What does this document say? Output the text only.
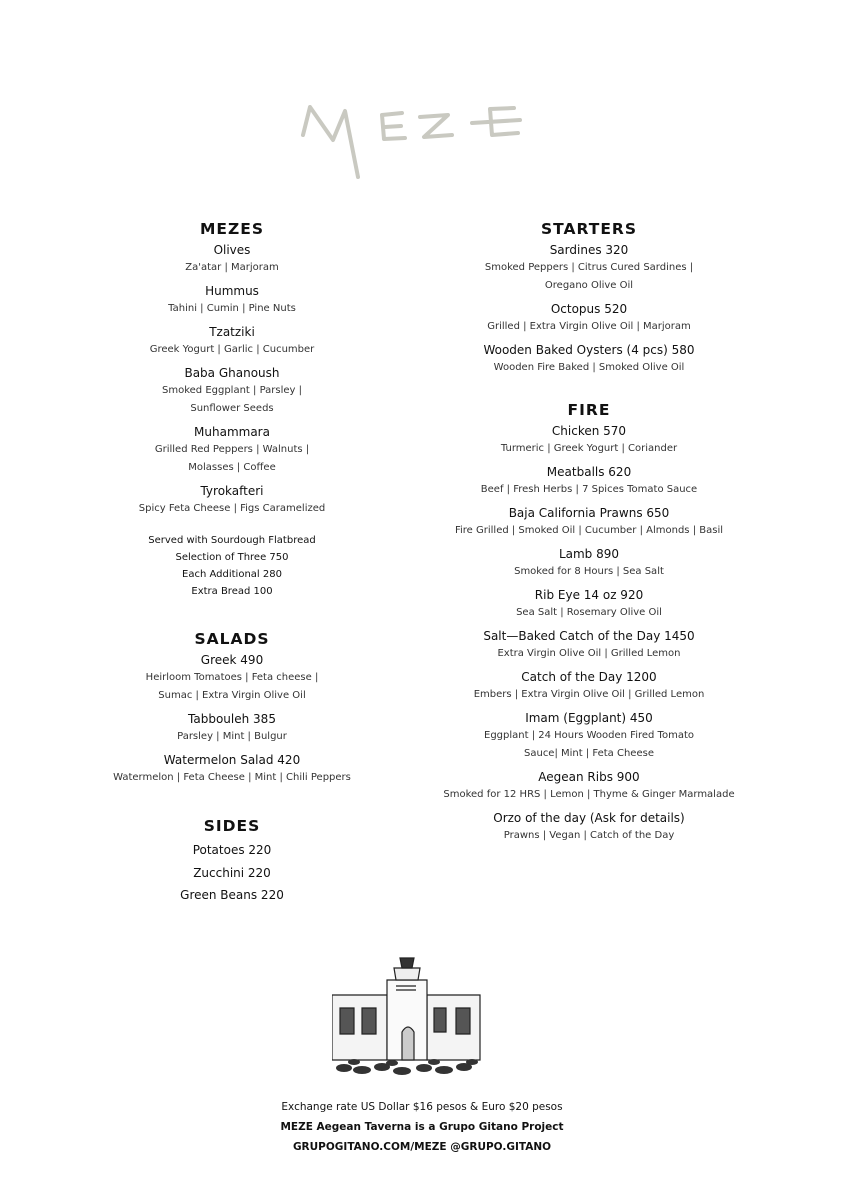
MEZES
Olives
Za'atar | Marjoram
Hummus
Tahini | Cumin | Pine Nuts
Tzatziki
Greek Yogurt | Garlic | Cucumber
Baba Ghanoush
Smoked Eggplant | Parsley |
Sunflower Seeds
Muhammara
Grilled Red Peppers | Walnuts |
Molasses | Coffee
Tyrokafteri
Spicy Feta Cheese | Figs Caramelized
Served with Sourdough Flatbread
Selection of Three 750
Each Additional 280
Extra Bread 100
SALADS
Greek 490
Heirloom Tomatoes | Feta cheese |
Sumac | Extra Virgin Olive Oil
Tabbouleh 385
Parsley | Mint | Bulgur
Watermelon Salad 420
Watermelon | Feta Cheese | Mint | Chili Peppers
SIDES
Potatoes 220
Zucchini 220
Green Beans 220
STARTERS
Sardines 320
Smoked Peppers | Citrus Cured Sardines |
Oregano Olive Oil
Octopus 520
Grilled | Extra Virgin Olive Oil | Marjoram
Wooden Baked Oysters (4 pcs) 580
Wooden Fire Baked | Smoked Olive Oil
FIRE
Chicken 570
Turmeric | Greek Yogurt | Coriander
Meatballs 620
Beef | Fresh Herbs | 7 Spices Tomato Sauce
Baja California Prawns 650
Fire Grilled | Smoked Oil | Cucumber | Almonds | Basil
Lamb 890
Smoked for 8 Hours | Sea Salt
Rib Eye 14 oz 920
Sea Salt | Rosemary Olive Oil
Salt—Baked Catch of the Day 1450
Extra Virgin Olive Oil | Grilled Lemon
Catch of the Day 1200
Embers | Extra Virgin Olive Oil | Grilled Lemon
Imam (Eggplant) 450
Eggplant | 24 Hours Wooden Fired Tomato
Sauce| Mint | Feta Cheese
Aegean Ribs 900
Smoked for 12 HRS | Lemon | Thyme & Ginger Marmalade
Orzo of the day (Ask for details)
Prawns | Vegan | Catch of the Day
Exchange rate US Dollar $16 pesos & Euro $20 pesos
MEZE Aegean Taverna is a Grupo Gitano Project
GRUPOGITANO.COM/MEZE @GRUPO.GITANO
